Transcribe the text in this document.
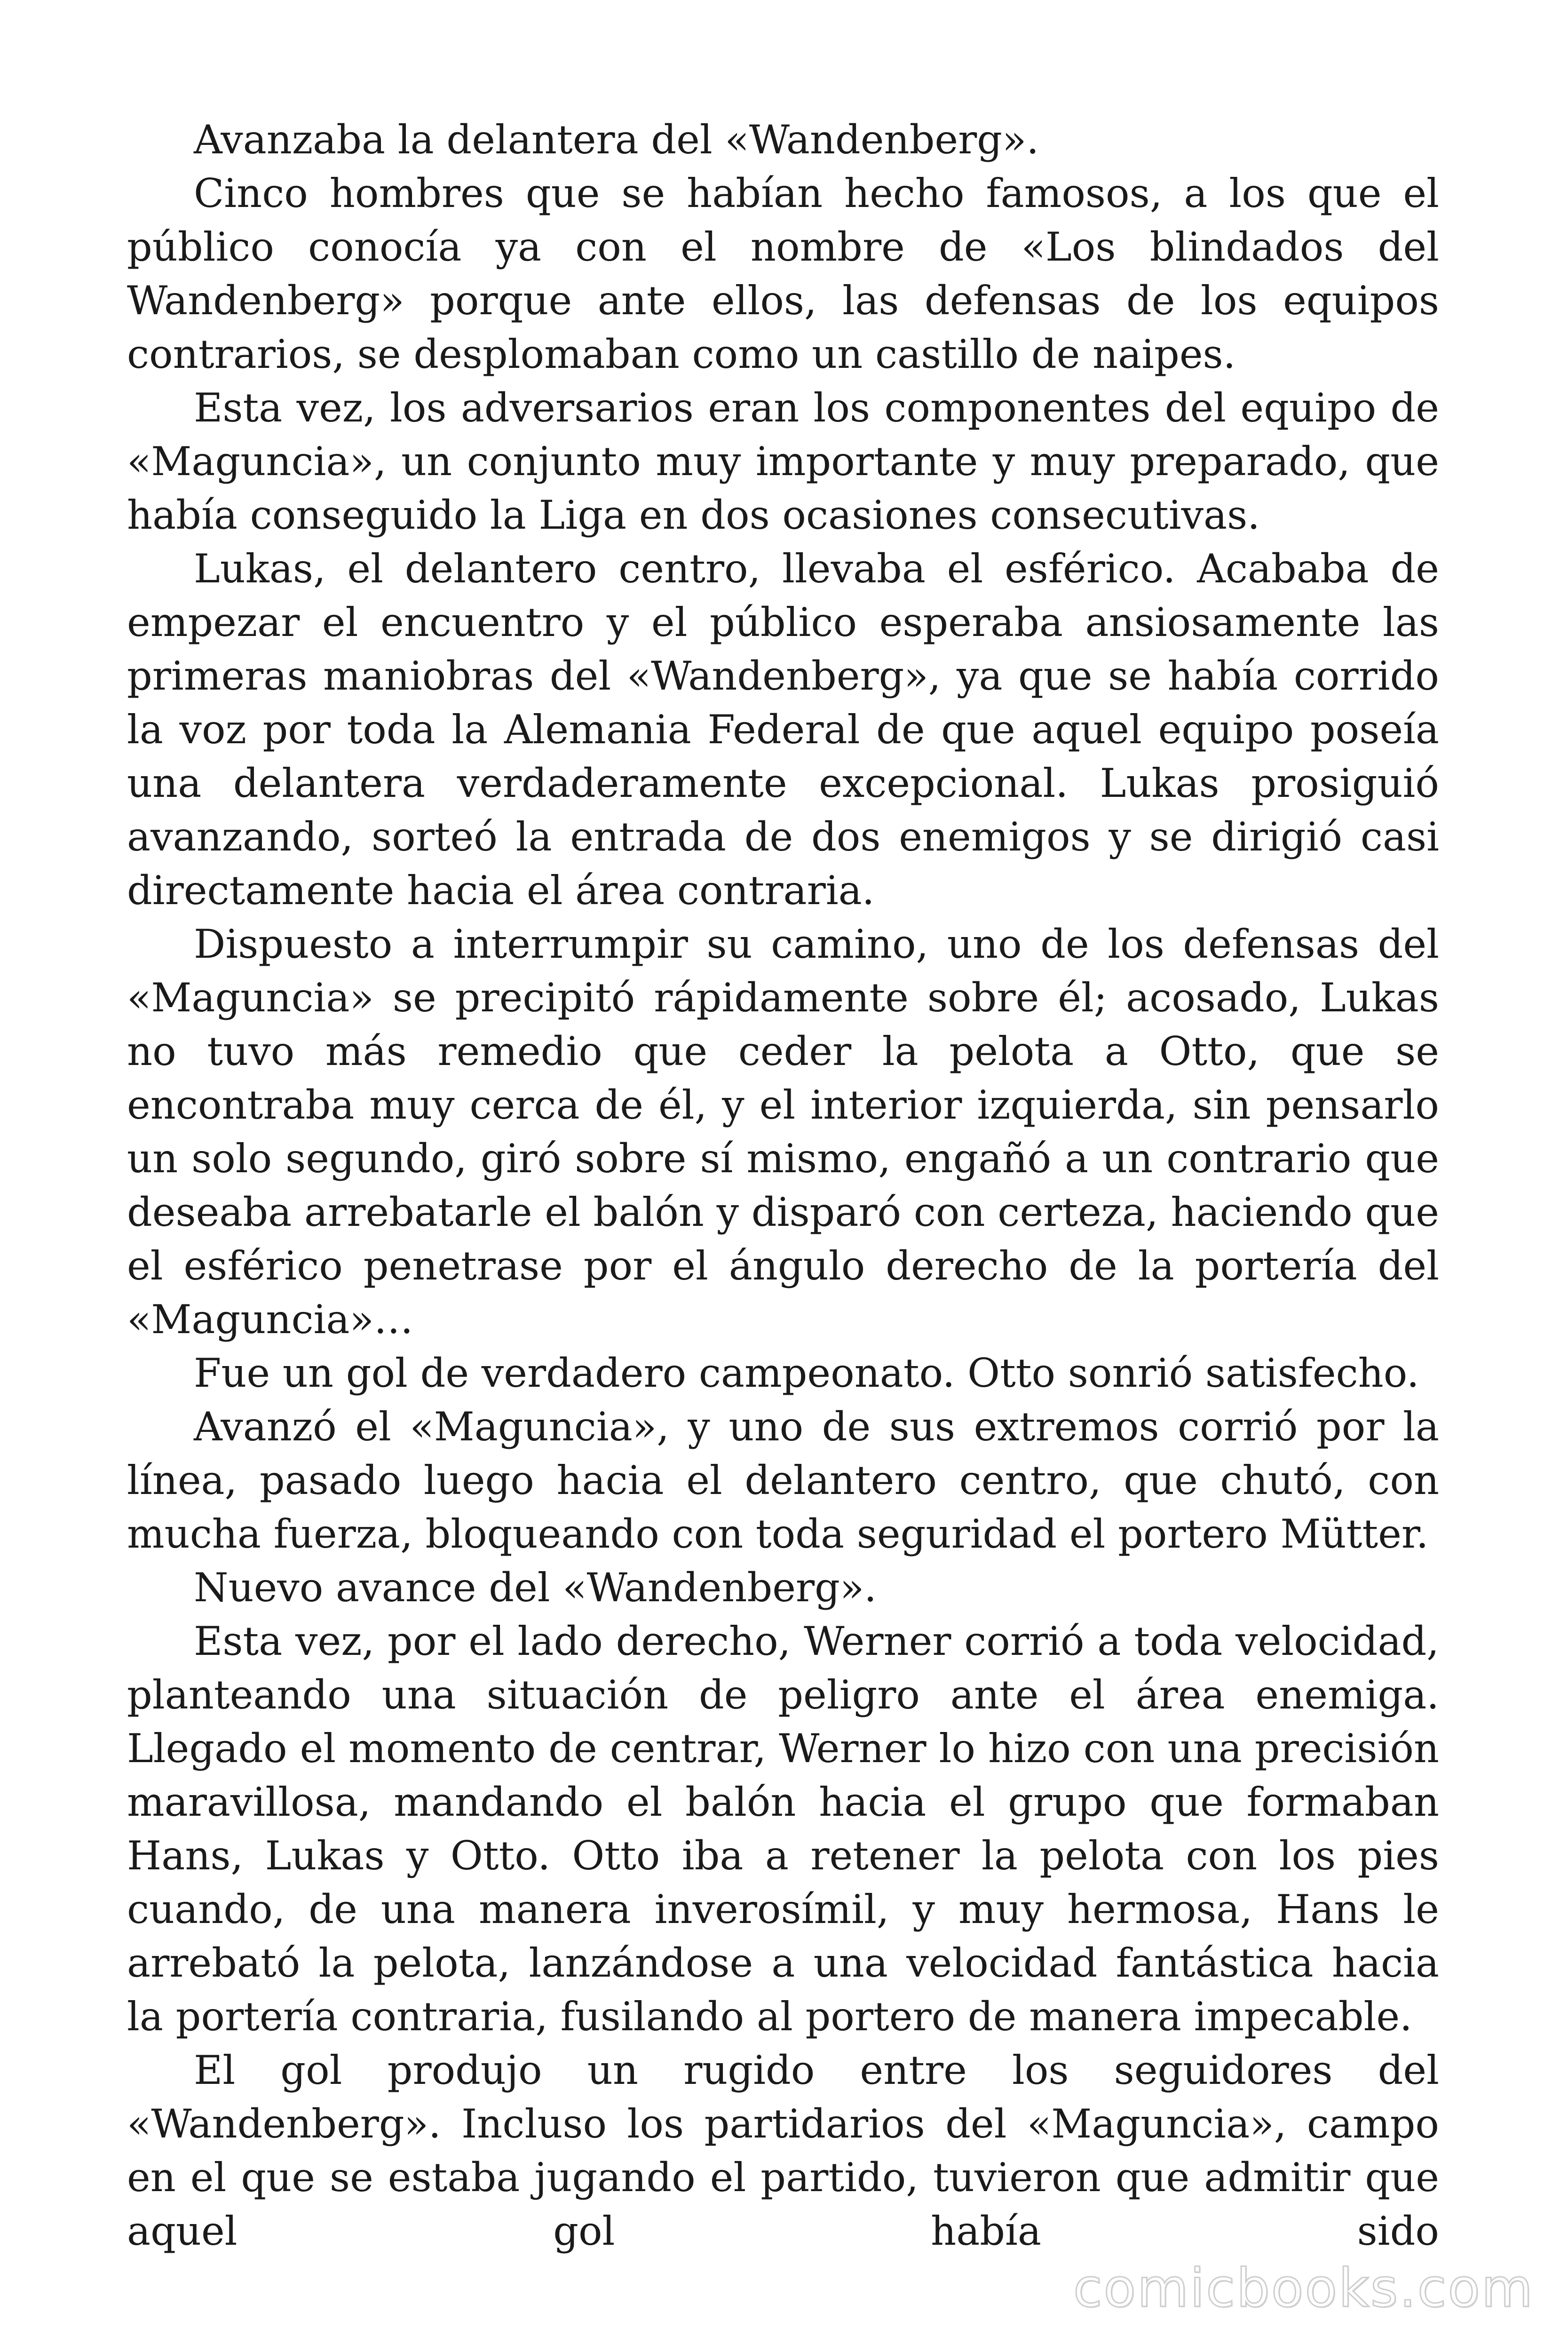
Avanzaba la delantera del «Wandenberg».

Cinco hombres que se habían hecho famosos, a los que el público conocía ya con el nombre de «Los blindados del Wandenberg» porque ante ellos, las defensas de los equipos contrarios, se desplomaban como un castillo de naipes.

Esta vez, los adversarios eran los componentes del equipo de «Maguncia», un conjunto muy importante y muy preparado, que había conseguido la Liga en dos ocasiones consecutivas.

Lukas, el delantero centro, llevaba el esférico. Acababa de empezar el encuentro y el público esperaba ansiosamente las primeras maniobras del «Wandenberg», ya que se había corrido la voz por toda la Alemania Federal de que aquel equipo poseía una delantera verdaderamente excepcional. Lukas prosiguió avanzando, sorteó la entrada de dos enemigos y se dirigió casi directamente hacia el área contraria.

Dispuesto a interrumpir su camino, uno de los defensas del «Maguncia» se precipitó rápidamente sobre él; acosado, Lukas no tuvo más remedio que ceder la pelota a Otto, que se encontraba muy cerca de él, y el interior izquierda, sin pensarlo un solo segundo, giró sobre sí mismo, engañó a un contrario que deseaba arrebatarle el balón y disparó con certeza, haciendo que el esférico penetrase por el ángulo derecho de la portería del «Maguncia»…

Fue un gol de verdadero campeonato. Otto sonrió satisfecho.

Avanzó el «Maguncia», y uno de sus extremos corrió por la línea, pasado luego hacia el delantero centro, que chutó, con mucha fuerza, bloqueando con toda seguridad el portero Mütter.

Nuevo avance del «Wandenberg».

Esta vez, por el lado derecho, Werner corrió a toda velocidad, planteando una situación de peligro ante el área enemiga. Llegado el momento de centrar, Werner lo hizo con una precisión maravillosa, mandando el balón hacia el grupo que formaban Hans, Lukas y Otto. Otto iba a retener la pelota con los pies cuando, de una manera inverosímil, y muy hermosa, Hans le arrebató la pelota, lanzándose a una velocidad fantástica hacia la portería contraria, fusilando al portero de manera impecable.

El gol produjo un rugido entre los seguidores del «Wandenberg». Incluso los partidarios del «Maguncia», campo en el que se estaba jugando el partido, tuvieron que admitir que aquel gol había sido

comicbooks.com
